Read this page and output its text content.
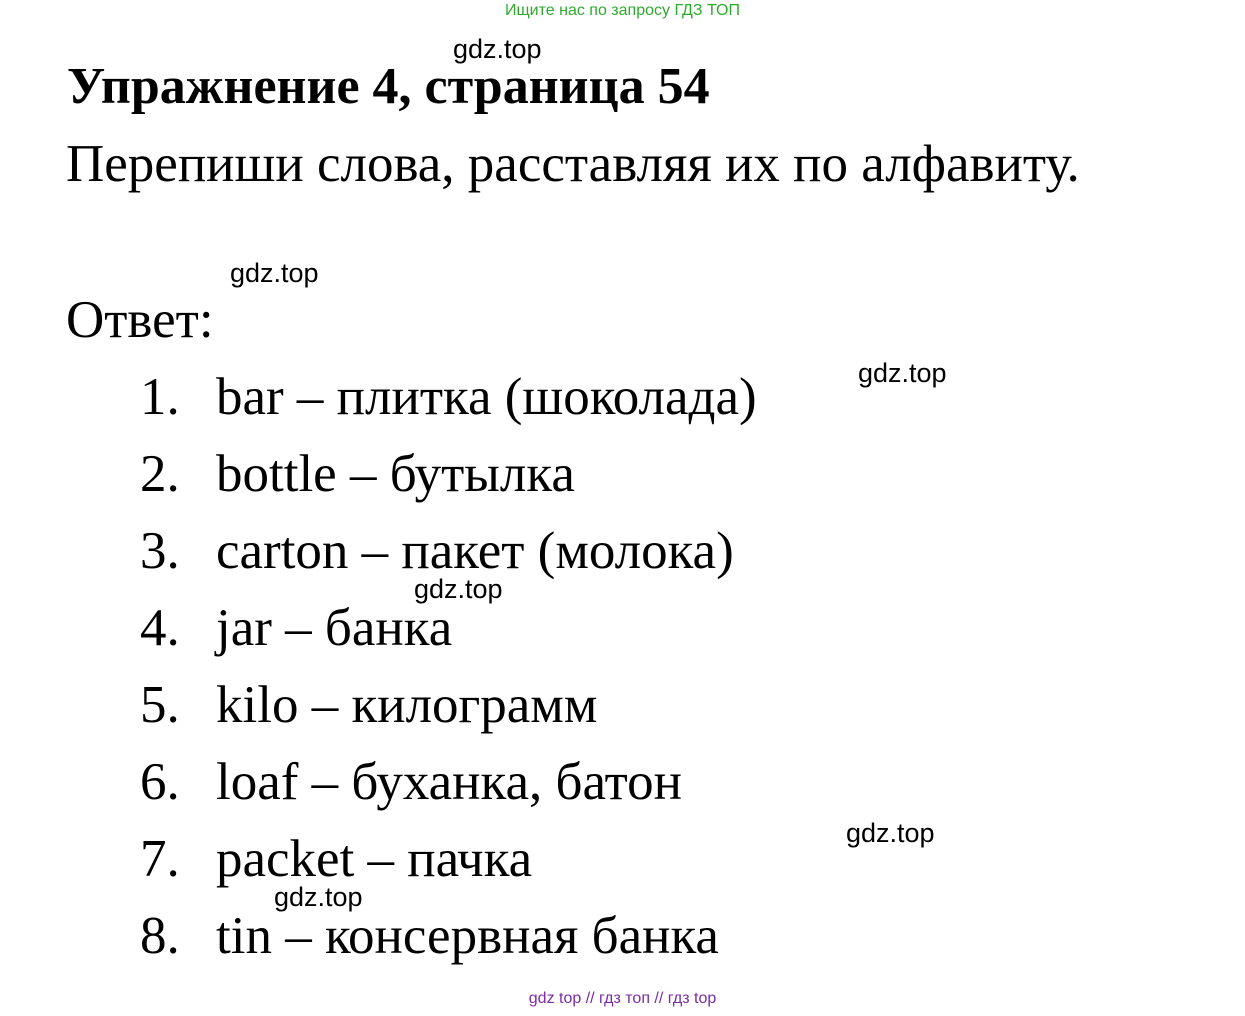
Ищите нас по запросу ГДЗ ТОП
gdz.top
Упражнение 4, страница 54
Перепиши слова, расставляя их по алфавиту.
gdz.top
Ответ:
1. bar – плитка (шоколада)
2. bottle – бутылка
3. carton – пакет (молока)
4. jar – банка
5. kilo – килограмм
6. loaf – буханка, батон
7. packet – пачка
8. tin – консервная банка
gdz.top
gdz.top
gdz.top
gdz.top
gdz top // гдз топ // гдз top
